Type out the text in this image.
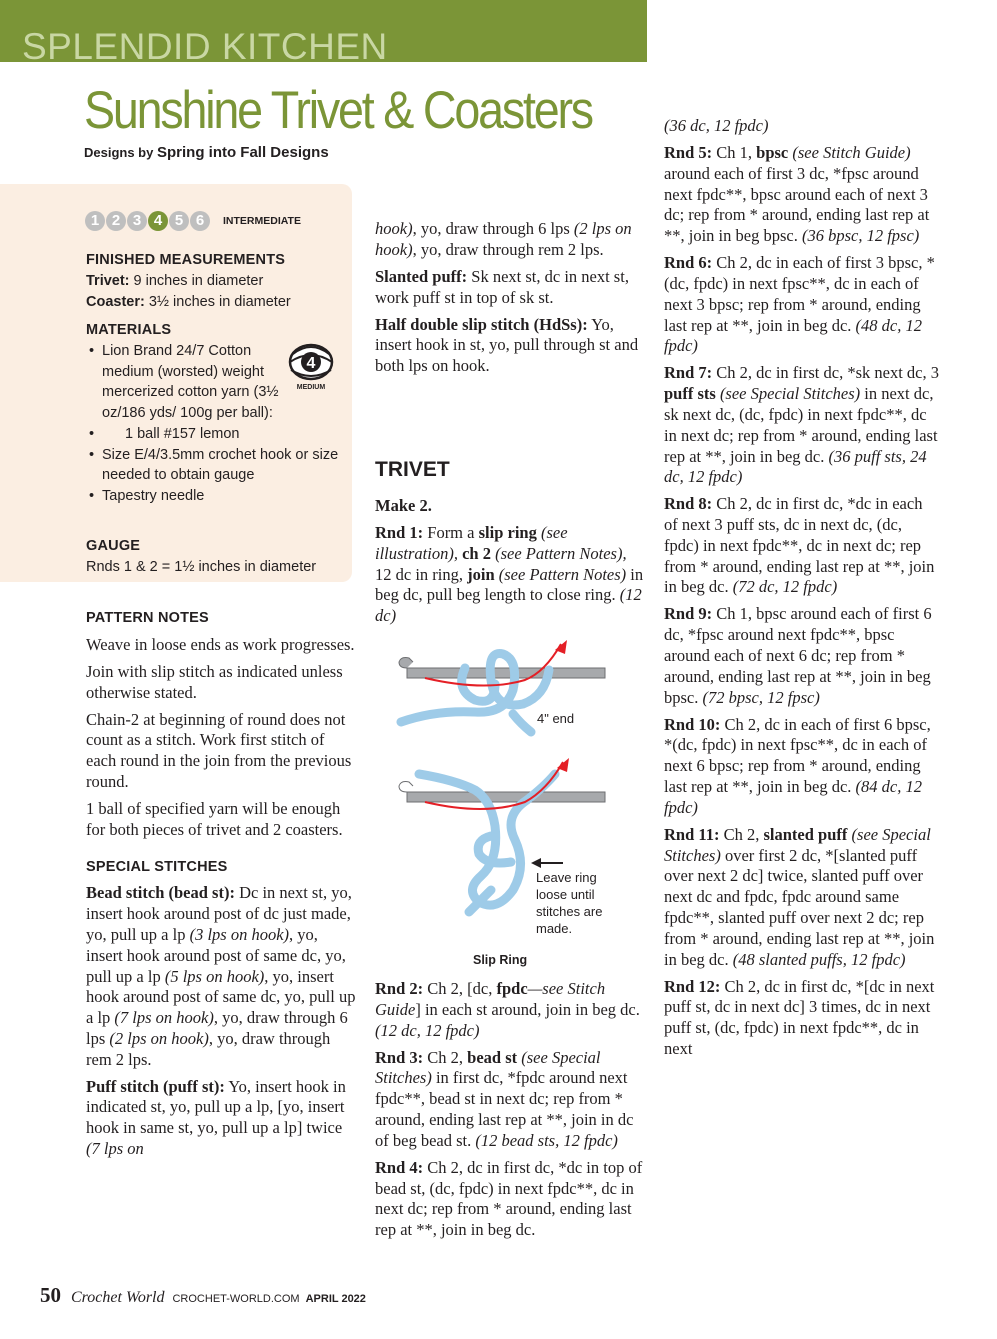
SPLENDID KITCHEN
Sunshine Trivet & Coasters
Designs by Spring into Fall Designs
1 2 3 4 5 6	INTERMEDIATE
FINISHED MEASUREMENTS
Trivet: 9 inches in diameter
Coaster: 3½ inches in diameter
MATERIALS
• Lion Brand 24/7 Cotton medium (worsted) weight mercerized cotton yarn (3½ oz/186 yds/ 100g per ball):
• 1 ball #157 lemon
• Size E/4/3.5mm crochet hook or size needed to obtain gauge
• Tapestry needle
4
MEDIUM
GAUGE
Rnds 1 & 2 = 1½ inches in diameter
PATTERN NOTES

Weave in loose ends as work progresses.

Join with slip stitch as indicated unless otherwise stated.

Chain-2 at beginning of round does not count as a stitch. Work first stitch of each round in the join from the previous round.

1 ball of specified yarn will be enough for both pieces of trivet and 2 coasters.

SPECIAL STITCHES

Bead stitch (bead st): Dc in next st, yo, insert hook around post of dc just made, yo, pull up a lp (3 lps on hook), yo, insert hook around post of same dc, yo, pull up a lp (5 lps on hook), yo, insert hook around post of same dc, yo, pull up a lp (7 lps on hook), yo, draw through 6 lps (2 lps on hook), yo, draw through rem 2 lps.

Puff stitch (puff st): Yo, insert hook in indicated st, yo, pull up a lp, [yo, insert hook in same st, yo, pull up a lp] twice (7 lps on

hook), yo, draw through 6 lps (2 lps on hook), yo, draw through rem 2 lps.

Slanted puff: Sk next st, dc in next st, work puff st in top of sk st.

Half double slip stitch (HdSs): Yo, insert hook in st, yo, pull through st and both lps on hook.

TRIVET

Make 2.

Rnd 1: Form a slip ring (see illustration), ch 2 (see Pattern Notes), 12 dc in ring, join (see Pattern Notes) in beg dc, pull beg length to close ring. (12 dc)

4" end
Leave ring
loose until
stitches are
made.
Slip Ring

Rnd 2: Ch 2, [dc, fpdc—see Stitch Guide] in each st around, join in beg dc. (12 dc, 12 fpdc)

Rnd 3: Ch 2, bead st (see Special Stitches) in first dc, *fpdc around next fpdc**, bead st in next dc; rep from * around, ending last rep at **, join in dc of beg bead st. (12 bead sts, 12 fpdc)

Rnd 4: Ch 2, dc in first dc, *dc in top of bead st, (dc, fpdc) in next fpdc**, dc in next dc; rep from * around, ending last rep at **, join in beg dc.

(36 dc, 12 fpdc)

Rnd 5: Ch 1, bpsc (see Stitch Guide) around each of first 3 dc, *fpsc around next fpdc**, bpsc around each of next 3 dc; rep from * around, ending last rep at **, join in beg bpsc. (36 bpsc, 12 fpsc)

Rnd 6: Ch 2, dc in each of first 3 bpsc, *(dc, fpdc) in next fpsc**, dc in each of next 3 bpsc; rep from * around, ending last rep at **, join in beg dc. (48 dc, 12 fpdc)

Rnd 7: Ch 2, dc in first dc, *sk next dc, 3 puff sts (see Special Stitches) in next dc, sk next dc, (dc, fpdc) in next fpdc**, dc in next dc; rep from * around, ending last rep at **, join in beg dc. (36 puff sts, 24 dc, 12 fpdc)

Rnd 8: Ch 2, dc in first dc, *dc in each of next 3 puff sts, dc in next dc, (dc, fpdc) in next fpdc**, dc in next dc; rep from * around, ending last rep at **, join in beg dc. (72 dc, 12 fpdc)

Rnd 9: Ch 1, bpsc around each of first 6 dc, *fpsc around next fpdc**, bpsc around each of next 6 dc; rep from * around, ending last rep at **, join in beg bpsc. (72 bpsc, 12 fpsc)

Rnd 10: Ch 2, dc in each of first 6 bpsc, *(dc, fpdc) in next fpsc**, dc in each of next 6 bpsc; rep from * around, ending last rep at **, join in beg dc. (84 dc, 12 fpdc)

Rnd 11: Ch 2, slanted puff (see Special Stitches) over first 2 dc, *[slanted puff over next 2 dc] twice, slanted puff over next dc and fpdc, fpdc around same fpdc**, slanted puff over next 2 dc; rep from * around, ending last rep at **, join in beg dc. (48 slanted puffs, 12 fpdc)

Rnd 12: Ch 2, dc in first dc, *[dc in next puff st, dc in next dc] 3 times, dc in next puff st, (dc, fpdc) in next fpdc**, dc in next

50 Crochet World CROCHET-WORLD.COM APRIL 2022
